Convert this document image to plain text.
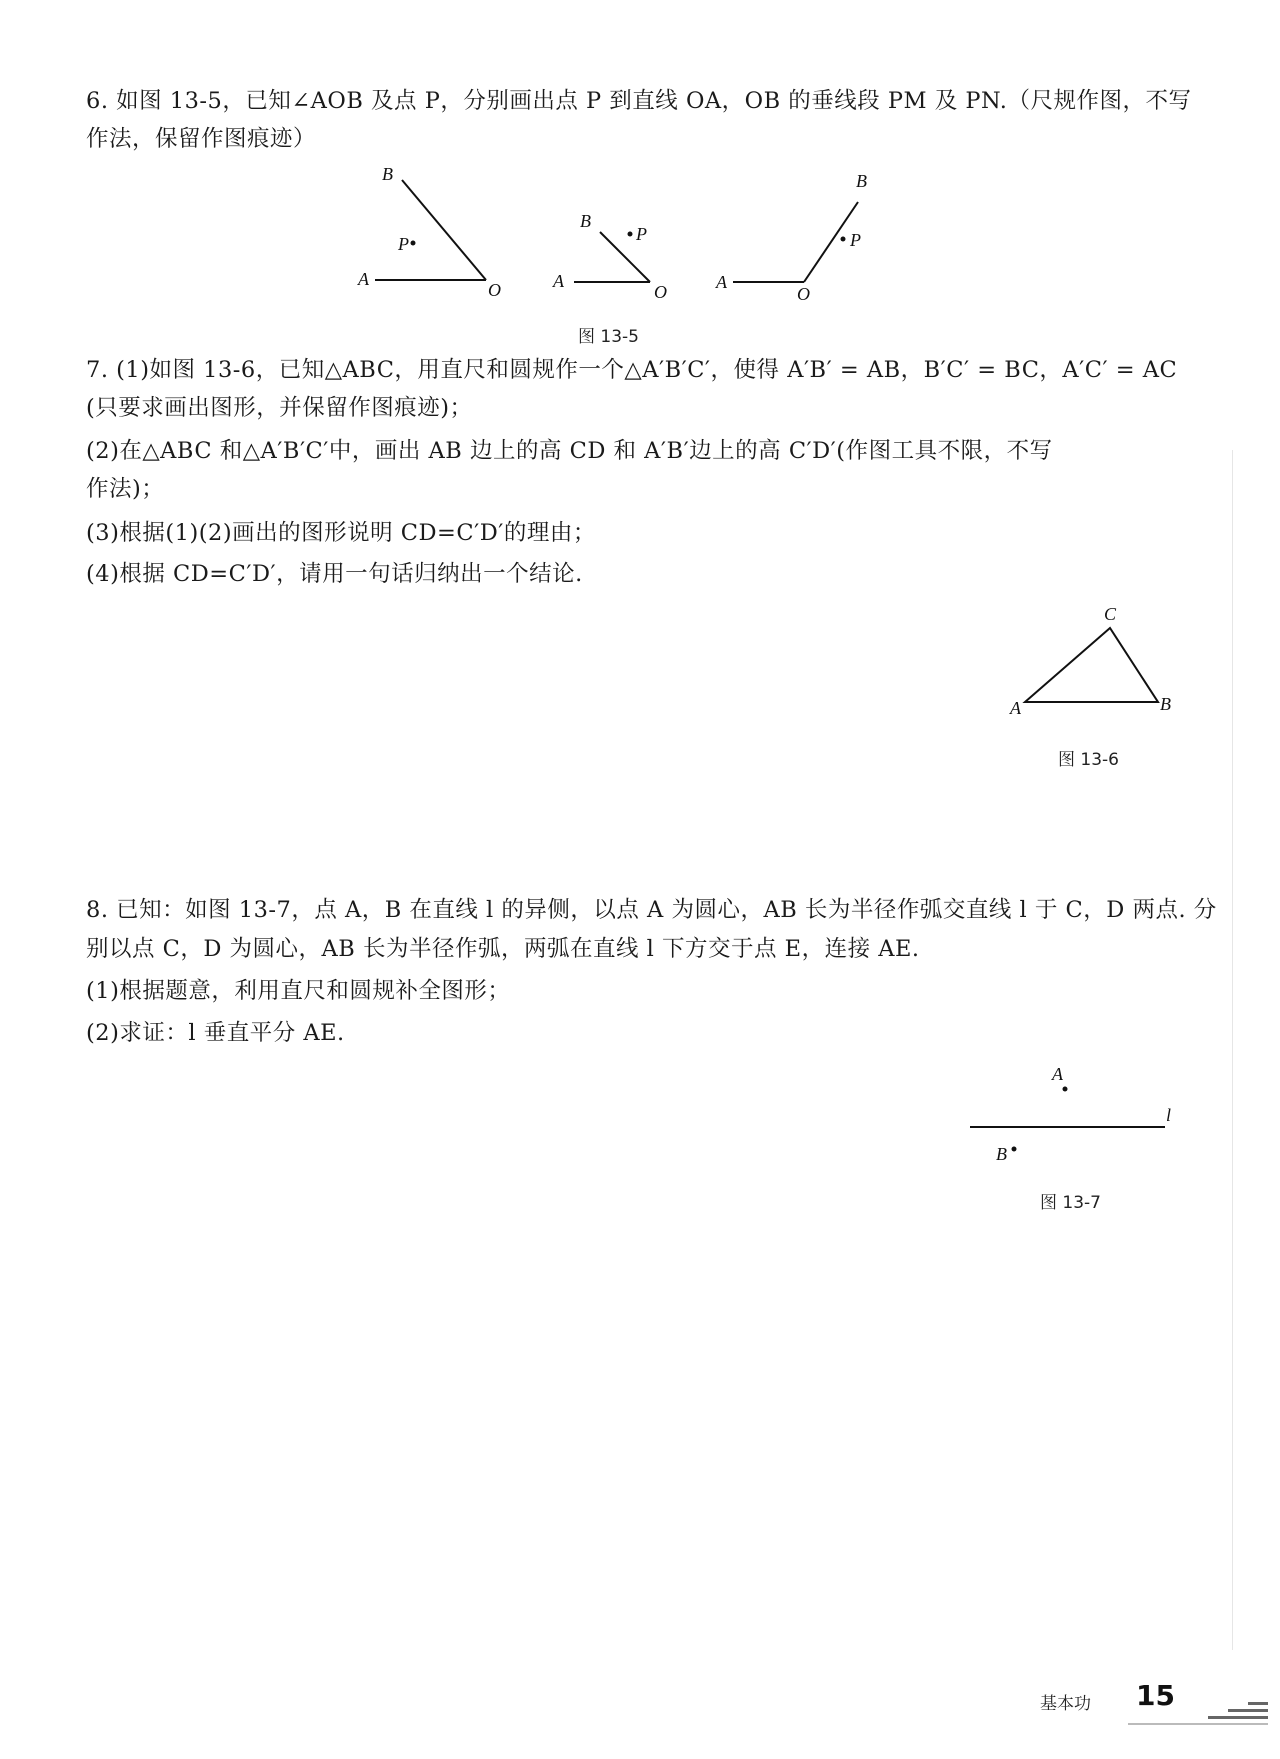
6. 如图 13-5，已知∠AOB 及点 P，分别画出点 P 到直线 OA，OB 的垂线段 PM 及 PN.（尺规作图，不写
作法，保留作图痕迹）
B
P
A
O
B
P
A
O
B
P
A
O
图 13-5
7. (1)如图 13-6，已知△ABC，用直尺和圆规作一个△A′B′C′，使得 A′B′ = AB，B′C′ = BC，A′C′ = AC
(只要求画出图形，并保留作图痕迹)；
(2)在△ABC 和△A′B′C′中，画出 AB 边上的高 CD 和 A′B′边上的高 C′D′(作图工具不限，不写
作法)；
(3)根据(1)(2)画出的图形说明 CD=C′D′的理由；
(4)根据 CD=C′D′，请用一句话归纳出一个结论.
C
A	B
图 13-6
8. 已知：如图 13-7，点 A，B 在直线 l 的异侧，以点 A 为圆心，AB 长为半径作弧交直线 l 于 C，D 两点. 分
别以点 C，D 为圆心，AB 长为半径作弧，两弧在直线 l 下方交于点 E，连接 AE.
(1)根据题意，利用直尺和圆规补全图形；
(2)求证：l 垂直平分 AE.
A
l
B
图 13-7
基本功 15
